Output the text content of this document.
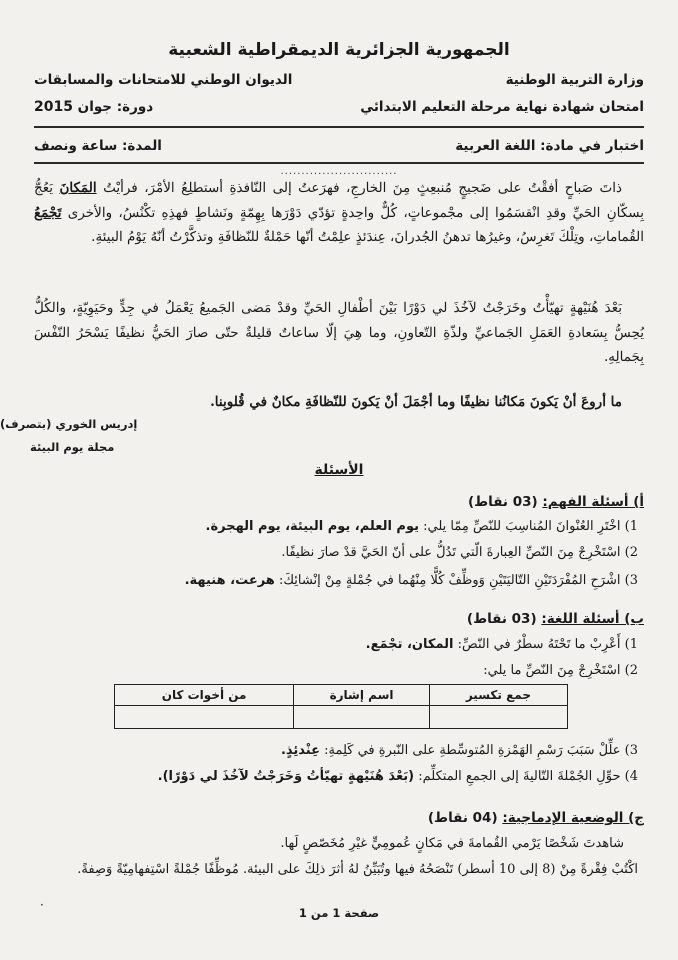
الجمهورية الجزائرية الديمقراطية الشعبية
وزارة التربية الوطنية
الديوان الوطني للامتحانات والمسابقات
امتحان شهادة نهاية مرحلة التعليم الابتدائي
دورة: جوان 2015
اختبار في مادة: اللغة العربية
المدة: ساعة ونصف
............................

ذاتَ صَباحٍ أفقْتُ على ضَجيجٍ مُنبعِثٍ مِنَ الخارجِ، فهرَعتُ إلى النّافذةِ أستطلِعُ الأمْرَ، فرأيْتُ المَكانَ يَعُجُّ بِسكّانِ الحَيِّ وقدِ انْقسَمُوا إلى مجْموعاتٍ، كُلٌّ واحِدةٍ تؤدّي دَوْرَها بِهِمّةٍ ونَشاطٍ فهذِهِ تكْنُسُ، والأخرى تَجْمَعُ القُماماتِ، وتِلْكَ تَغرِسُ، وغيرُها تدهنُ الجُدرانَ، عِندَئذٍ علِمْتُ أنّها حَمْلةٌ للنّظافَةِ وتذكَّرْتُ أنّهُ يَوْمُ البيئةِ.

بَعْدَ هُنَيْهةٍ تهيّأْتُ وخَرَجْتُ لآخُذَ لي دَوْرًا بَيْنَ أطْفالِ الحَيِّ وقدْ مَضى الجَميعُ يَعْمَلُ في جِدٍّ وحَيَوِيّةٍ، والكُلُّ يُحِسُّ بِسَعادةِ العَمَلِ الجَماعيِّ ولذّةِ التّعاونِ، وما هِيَ إلّا ساعاتٌ قليلةٌ حتّى صارَ الحَيُّ نظيفًا يَسْحَرُ النّفْسَ بِجَمالِهِ.

ما أروعَ أنْ يَكونَ مَكانُنا نظيفًا وما أجْمَلَ أنْ يَكونَ للنّظافَةِ مكانٌ في قُلوبِنا.

إدريس الخوري (بتصرف)
مجلة يوم البيئة
الأسئلة
أ) أسئلة الفهم: (03 نقاط)
1) اخْتَرِ العُنْوانَ المُناسِبَ للنّصِّ مِمّا يلي: يوم العلم، يوم البيئة، يوم الهجرة.
2) اسْتَخْرِجْ مِنَ النّصِّ العِبارةَ الّتي تَدُلُّ على أنّ الحَيَّ قدْ صارَ نظيفًا.
3) اشْرَحِ المُفْرَدَتَيْنِ التّاليَتَيْنِ وَوظِّفْ كُلًّا مِنْهُما في جُمْلةٍ مِنْ إنْشائِكَ: هرعت، هنيهة.
ب) أسئلة اللغة: (03 نقاط)
1) أَعْرِبْ ما تَحْتَهُ سطْرٌ في النّصِّ: المكان، تجْمَع.
2) اسْتَخْرِجْ مِنَ النّصِّ ما يلي:
جمع تكسير	اسم إشارة	من أخوات كان

3) علِّلْ سَبَبَ رَسْمِ الهَمْزةِ المُتوسِّطةِ على النّبرةِ في كَلِمةِ: عِنْدئِذٍ.
4) حوِّلِ الجُمْلةَ التّاليةَ إلى الجمعِ المتكلِّم: (بَعْدَ هُنَيْهةٍ تهيّأتُ وَخَرَجْتُ لآخُذَ لي دَوْرًا).
ج) الوضعية الإدماجية: (04 نقاط)
شاهدتَ شَخْصًا يَرْمي القُمامةَ في مَكانٍ عُمومِيٍّ غيْرِ مُخَصّصٍ لَها.
اكْتُبْ فِقْرةً مِنْ (8 إلى 10 أسطر) تَنْصَحُهُ فيها وتُبَيِّنُ لهُ أثرَ ذلِكَ على البيئة. مُوظِّفًا جُمْلةً اسْتِفهامِيّةً وَصِفةً.
·
صفحة 1 من 1
